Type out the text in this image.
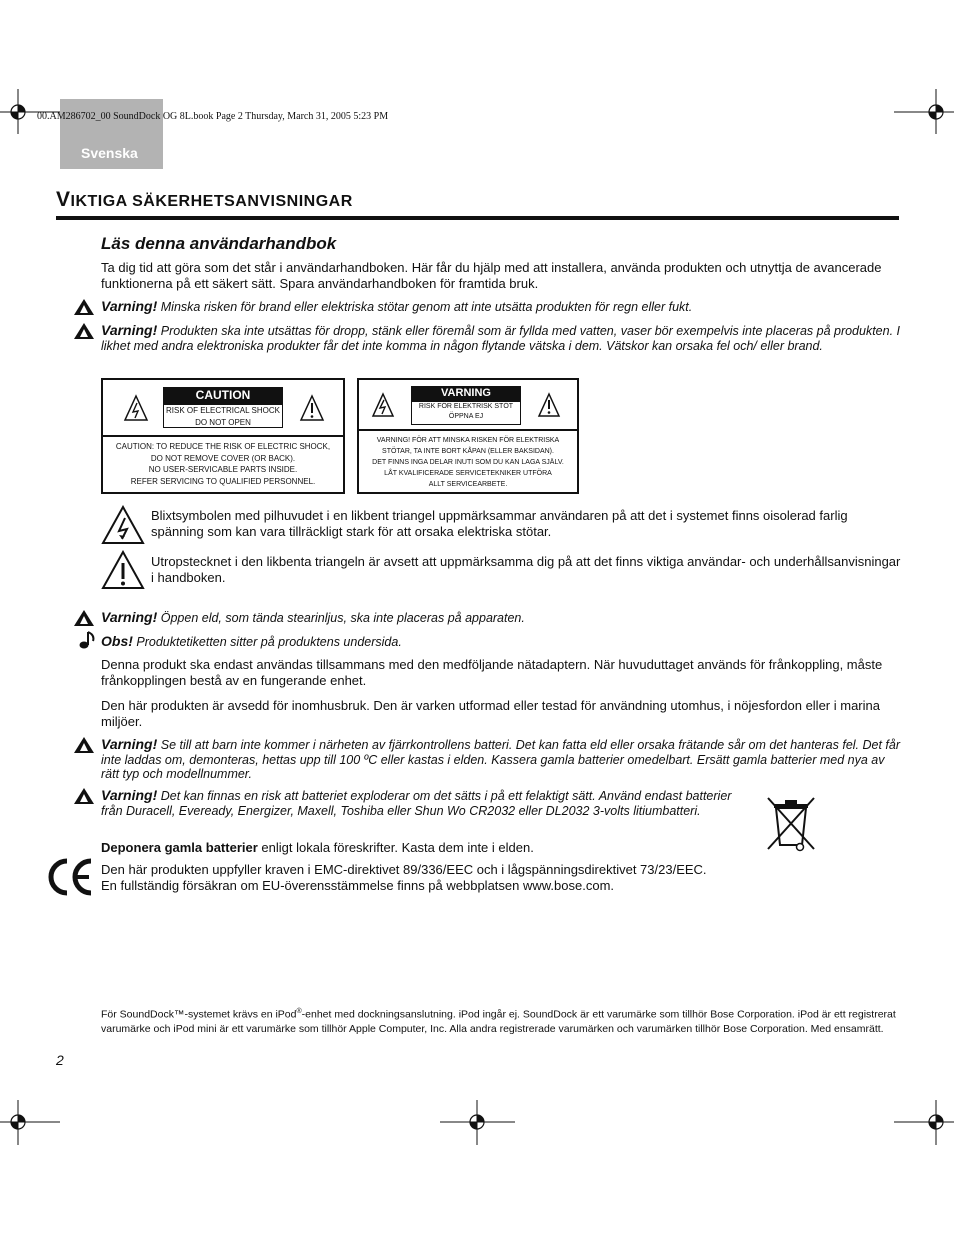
Svenska
00.AM286702_00 SoundDock OG 8L.book Page 2 Thursday, March 31, 2005 5:23 PM
VIKTIGA SÄKERHETSANVISNINGAR
Läs denna användarhandbok
Ta dig tid att göra som det står i användarhandboken. Här får du hjälp med att installera, använda produkten och utnyttja de avancerade funktionerna på ett säkert sätt. Spara användarhandboken för framtida bruk.
Varning! Minska risken för brand eller elektriska stötar genom att inte utsätta produkten för regn eller fukt.
Varning! Produkten ska inte utsättas för dropp, stänk eller föremål som är fyllda med vatten, vaser bör exempelvis inte placeras på produkten. I likhet med andra elektroniska produkter får det inte komma in någon flytande vätska i dem. Vätskor kan orsaka fel och/ eller brand.
CAUTION
RISK OF ELECTRICAL SHOCK
DO NOT OPEN
CAUTION: TO REDUCE THE RISK OF ELECTRIC SHOCK,
DO NOT REMOVE COVER (OR BACK).
NO USER-SERVICABLE PARTS INSIDE.
REFER SERVICING TO QUALIFIED PERSONNEL.
VARNING
RISK FÖR ELEKTRISK STÖT
ÖPPNA EJ
VARNING! FÖR ATT MINSKA RISKEN FÖR ELEKTRISKA
STÖTAR, TA INTE BORT KÅPAN (ELLER BAKSIDAN).
DET FINNS INGA DELAR INUTI SOM DU KAN LAGA SJÄLV.
LÅT KVALIFICERADE SERVICETEKNIKER UTFÖRA
ALLT SERVICEARBETE.
Blixtsymbolen med pilhuvudet i en likbent triangel uppmärksammar användaren på att det i systemet finns oisolerad farlig spänning som kan vara tillräckligt stark för att orsaka elektriska stötar.
Utropstecknet i den likbenta triangeln är avsett att uppmärksamma dig på att det finns viktiga användar- och underhållsanvisningar i handboken.
Varning! Öppen eld, som tända stearinljus, ska inte placeras på apparaten.
Obs! Produktetiketten sitter på produktens undersida.
Denna produkt ska endast användas tillsammans med den medföljande nätadaptern. När huvuduttaget används för frånkoppling, måste frånkopplingen bestå av en fungerande enhet.
Den här produkten är avsedd för inomhusbruk. Den är varken utformad eller testad för användning utomhus, i nöjesfordon eller i marina miljöer.
Varning! Se till att barn inte kommer i närheten av fjärrkontrollens batteri. Det kan fatta eld eller orsaka frätande sår om det hanteras fel. Det får inte laddas om, demonteras, hettas upp till 100 ºC eller kastas i elden. Kassera gamla batterier omedelbart. Ersätt gamla batterier med nya av rätt typ och modellnummer.
Varning! Det kan finnas en risk att batteriet exploderar om det sätts i på ett felaktigt sätt. Använd endast batterier från Duracell, Eveready, Energizer, Maxell, Toshiba eller Shun Wo CR2032 eller DL2032 3-volts litiumbatteri.
Deponera gamla batterier enligt lokala föreskrifter. Kasta dem inte i elden.
Den här produkten uppfyller kraven i EMC-direktivet 89/336/EEC och i lågspänningsdirektivet 73/23/EEC.
En fullständig försäkran om EU-överensstämmelse finns på webbplatsen www.bose.com.
För SoundDock™-systemet krävs en iPod®-enhet med dockningsanslutning. iPod ingår ej. SoundDock är ett varumärke som tillhör Bose Corporation. iPod är ett registrerat varumärke och iPod mini är ett varumärke som tillhör Apple Computer, Inc. Alla andra registrerade varumärken och varumärken tillhör Bose Corporation. Med ensamrätt.
2
